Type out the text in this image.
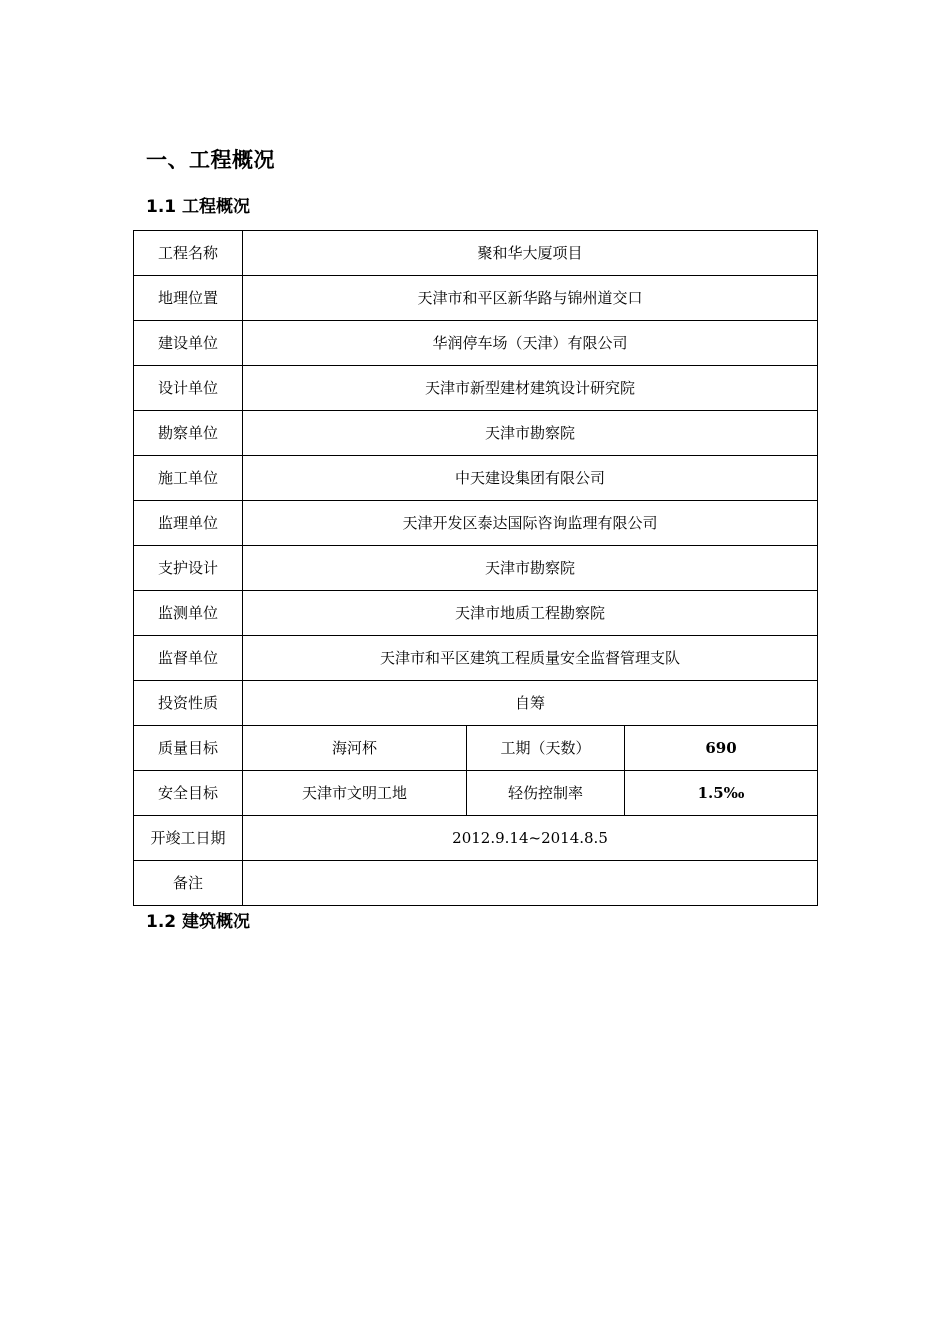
一、工程概况
1.1 工程概况
工程名称	聚和华大厦项目		
地理位置	天津市和平区新华路与锦州道交口		
建设单位	华润停车场（天津）有限公司		
设计单位	天津市新型建材建筑设计研究院		
勘察单位	天津市勘察院		
施工单位	中天建设集团有限公司		
监理单位	天津开发区泰达国际咨询监理有限公司		
支护设计	天津市勘察院		
监测单位	天津市地质工程勘察院		
监督单位	天津市和平区建筑工程质量安全监督管理支队		
投资性质	自筹		
质量目标	海河杯	工期（天数）	690
安全目标	天津市文明工地	轻伤控制率	1.5‰
开竣工日期	2012.9.14~2014.8.5		
备注			
1.2 建筑概况
